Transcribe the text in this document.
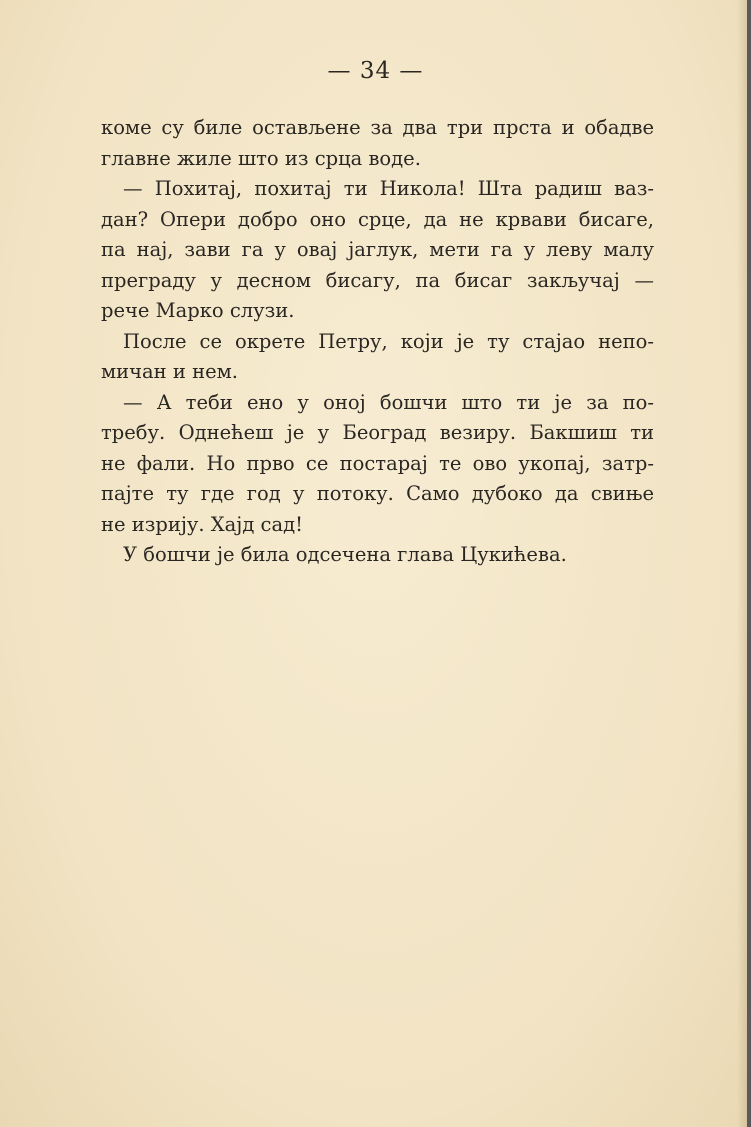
— 34 —
коме су биле остављене за два три прста и обадве
главне жиле што из срца воде.
— Похитај, похитај ти Никола! Шта радиш ваз-
дан? Опери добро оно срце, да не крвави бисаге,
па нај, зави га у овај јаглук, мети га у леву малу
преграду у десном бисагу, па бисаг закључај —
рече Марко слузи.
После се окрете Петру, који је ту стајао непо-
мичан и нем.
— А теби ено у оној бошчи што ти је за по-
требу. Однећеш је у Београд везиру. Бакшиш ти
не фали. Но прво се постарај те ово укопај, затр-
пајте ту где год у потоку. Само дубоко да свиње
не изрију. Хајд сад!
У бошчи је била одсечена глава Цукићева.
